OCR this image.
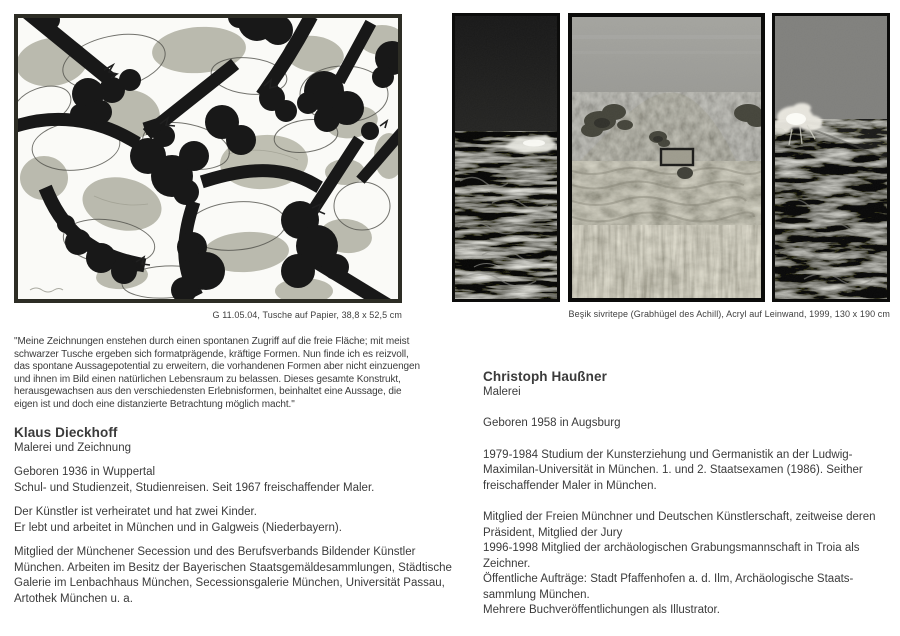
G 11.05.04, Tusche auf Papier, 38,8 x 52,5 cm
"Meine Zeichnungen enstehen durch einen spontanen Zugriff auf die freie Fläche; mit meist
schwarzer Tusche ergeben sich formatprägende, kräftige Formen. Nun finde ich es reizvoll,
das spontane Aussagepotential zu erweitern, die vorhandenen Formen aber nicht einzuengen
und ihnen im Bild einen natürlichen Lebensraum zu belassen. Dieses gesamte Konstrukt,
herausgewachsen aus den verschiedensten Erlebnisformen, beinhaltet eine Aussage, die
eigen ist und doch eine distanzierte Betrachtung möglich macht."
Klaus Dieckhoff
Malerei und Zeichnung
Geboren 1936 in Wuppertal
Schul- und Studienzeit, Studienreisen. Seit 1967 freischaffender Maler.
Der Künstler ist verheiratet und hat zwei Kinder.
Er lebt und arbeitet in München und in Galgweis (Niederbayern).
Mitglied der Münchener Secession und des Berufsverbands Bildender Künstler
München. Arbeiten im Besitz der Bayerischen Staatsgemäldesammlungen, Städtische
Galerie im Lenbachhaus München, Secessionsgalerie München, Universität Passau,
Artothek München u. a.
Beşik sivritepe (Grabhügel des Achill), Acryl auf Leinwand, 1999, 130 x 190 cm
Christoph Haußner
Malerei
Geboren 1958 in Augsburg
1979-1984 Studium der Kunsterziehung und Germanistik an der Ludwig-
Maximilan-Universität in München. 1. und 2. Staatsexamen (1986). Seither
freischaffender Maler in München.
Mitglied der Freien Münchner und Deutschen Künstlerschaft, zeitweise deren
Präsident, Mitglied der Jury
1996-1998 Mitglied der archäologischen Grabungsmannschaft in Troia als
Zeichner.
Öffentliche Aufträge: Stadt Pfaffenhofen a. d. Ilm, Archäologische Staats-
sammlung München.
Mehrere Buchveröffentlichungen als Illustrator.
